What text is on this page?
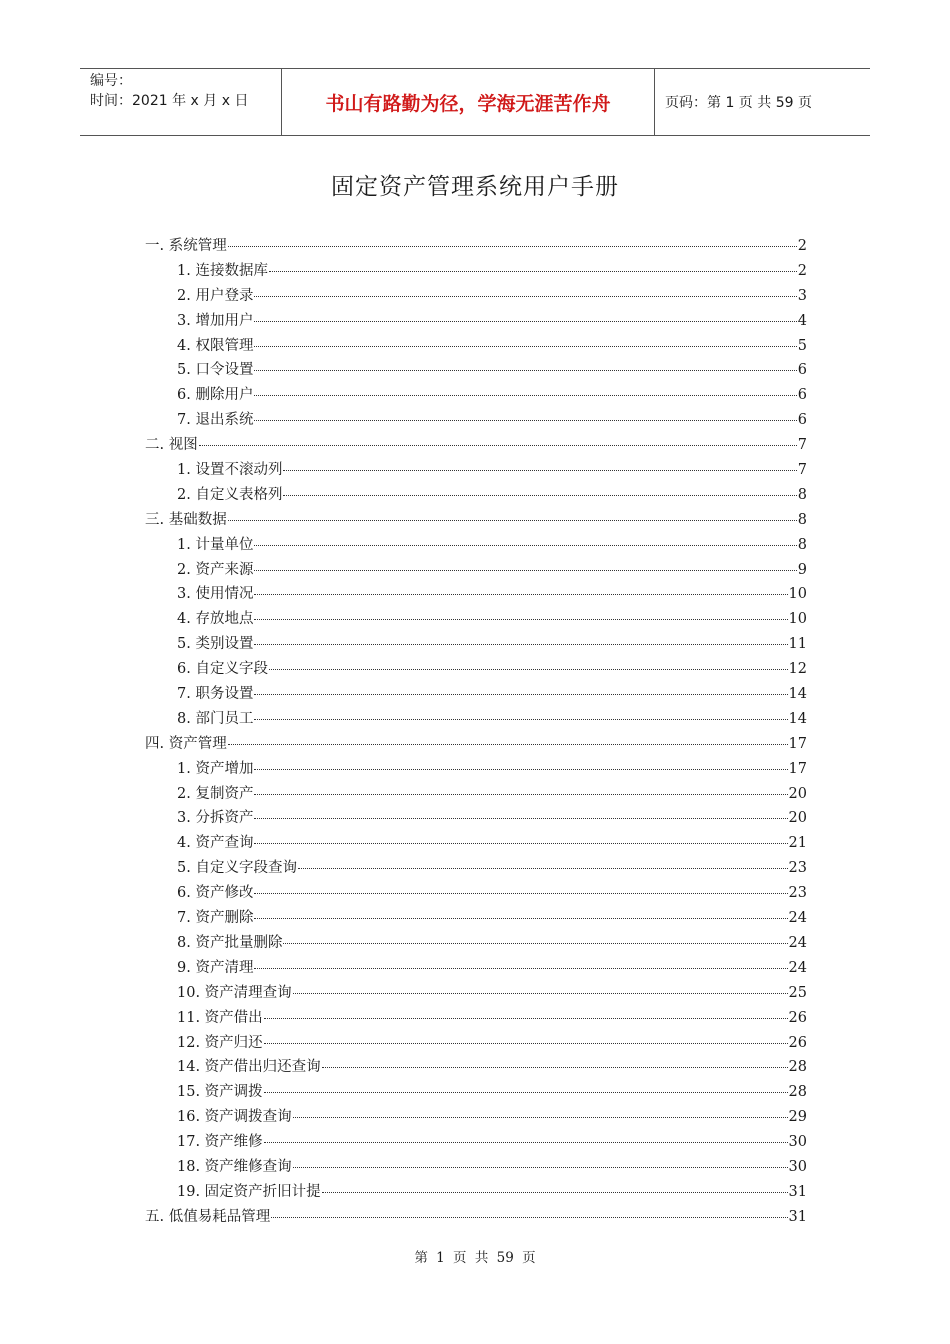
编号：
时间：2021 年 x 月 x 日	书山有路勤为径，学海无涯苦作舟	页码：第 1 页 共 59 页
固定资产管理系统用户手册
一. 系统管理	2
1. 连接数据库	2
2. 用户登录	3
3. 增加用户	4
4. 权限管理	5
5. 口令设置	6
6. 删除用户	6
7. 退出系统	6
二. 视图	7
1. 设置不滚动列	7
2. 自定义表格列	8
三. 基础数据	8
1. 计量单位	8
2. 资产来源	9
3. 使用情况	10
4. 存放地点	10
5. 类别设置	11
6. 自定义字段	12
7. 职务设置	14
8. 部门员工	14
四. 资产管理	17
1. 资产增加	17
2. 复制资产	20
3. 分拆资产	20
4. 资产查询	21
5. 自定义字段查询	23
6. 资产修改	23
7. 资产删除	24
8. 资产批量删除	24
9. 资产清理	24
10. 资产清理查询	25
11. 资产借出	26
12. 资产归还	26
14. 资产借出归还查询	28
15. 资产调拨	28
16. 资产调拨查询	29
17. 资产维修	30
18. 资产维修查询	30
19. 固定资产折旧计提	31
五. 低值易耗品管理	31
第 1 页 共 59 页
